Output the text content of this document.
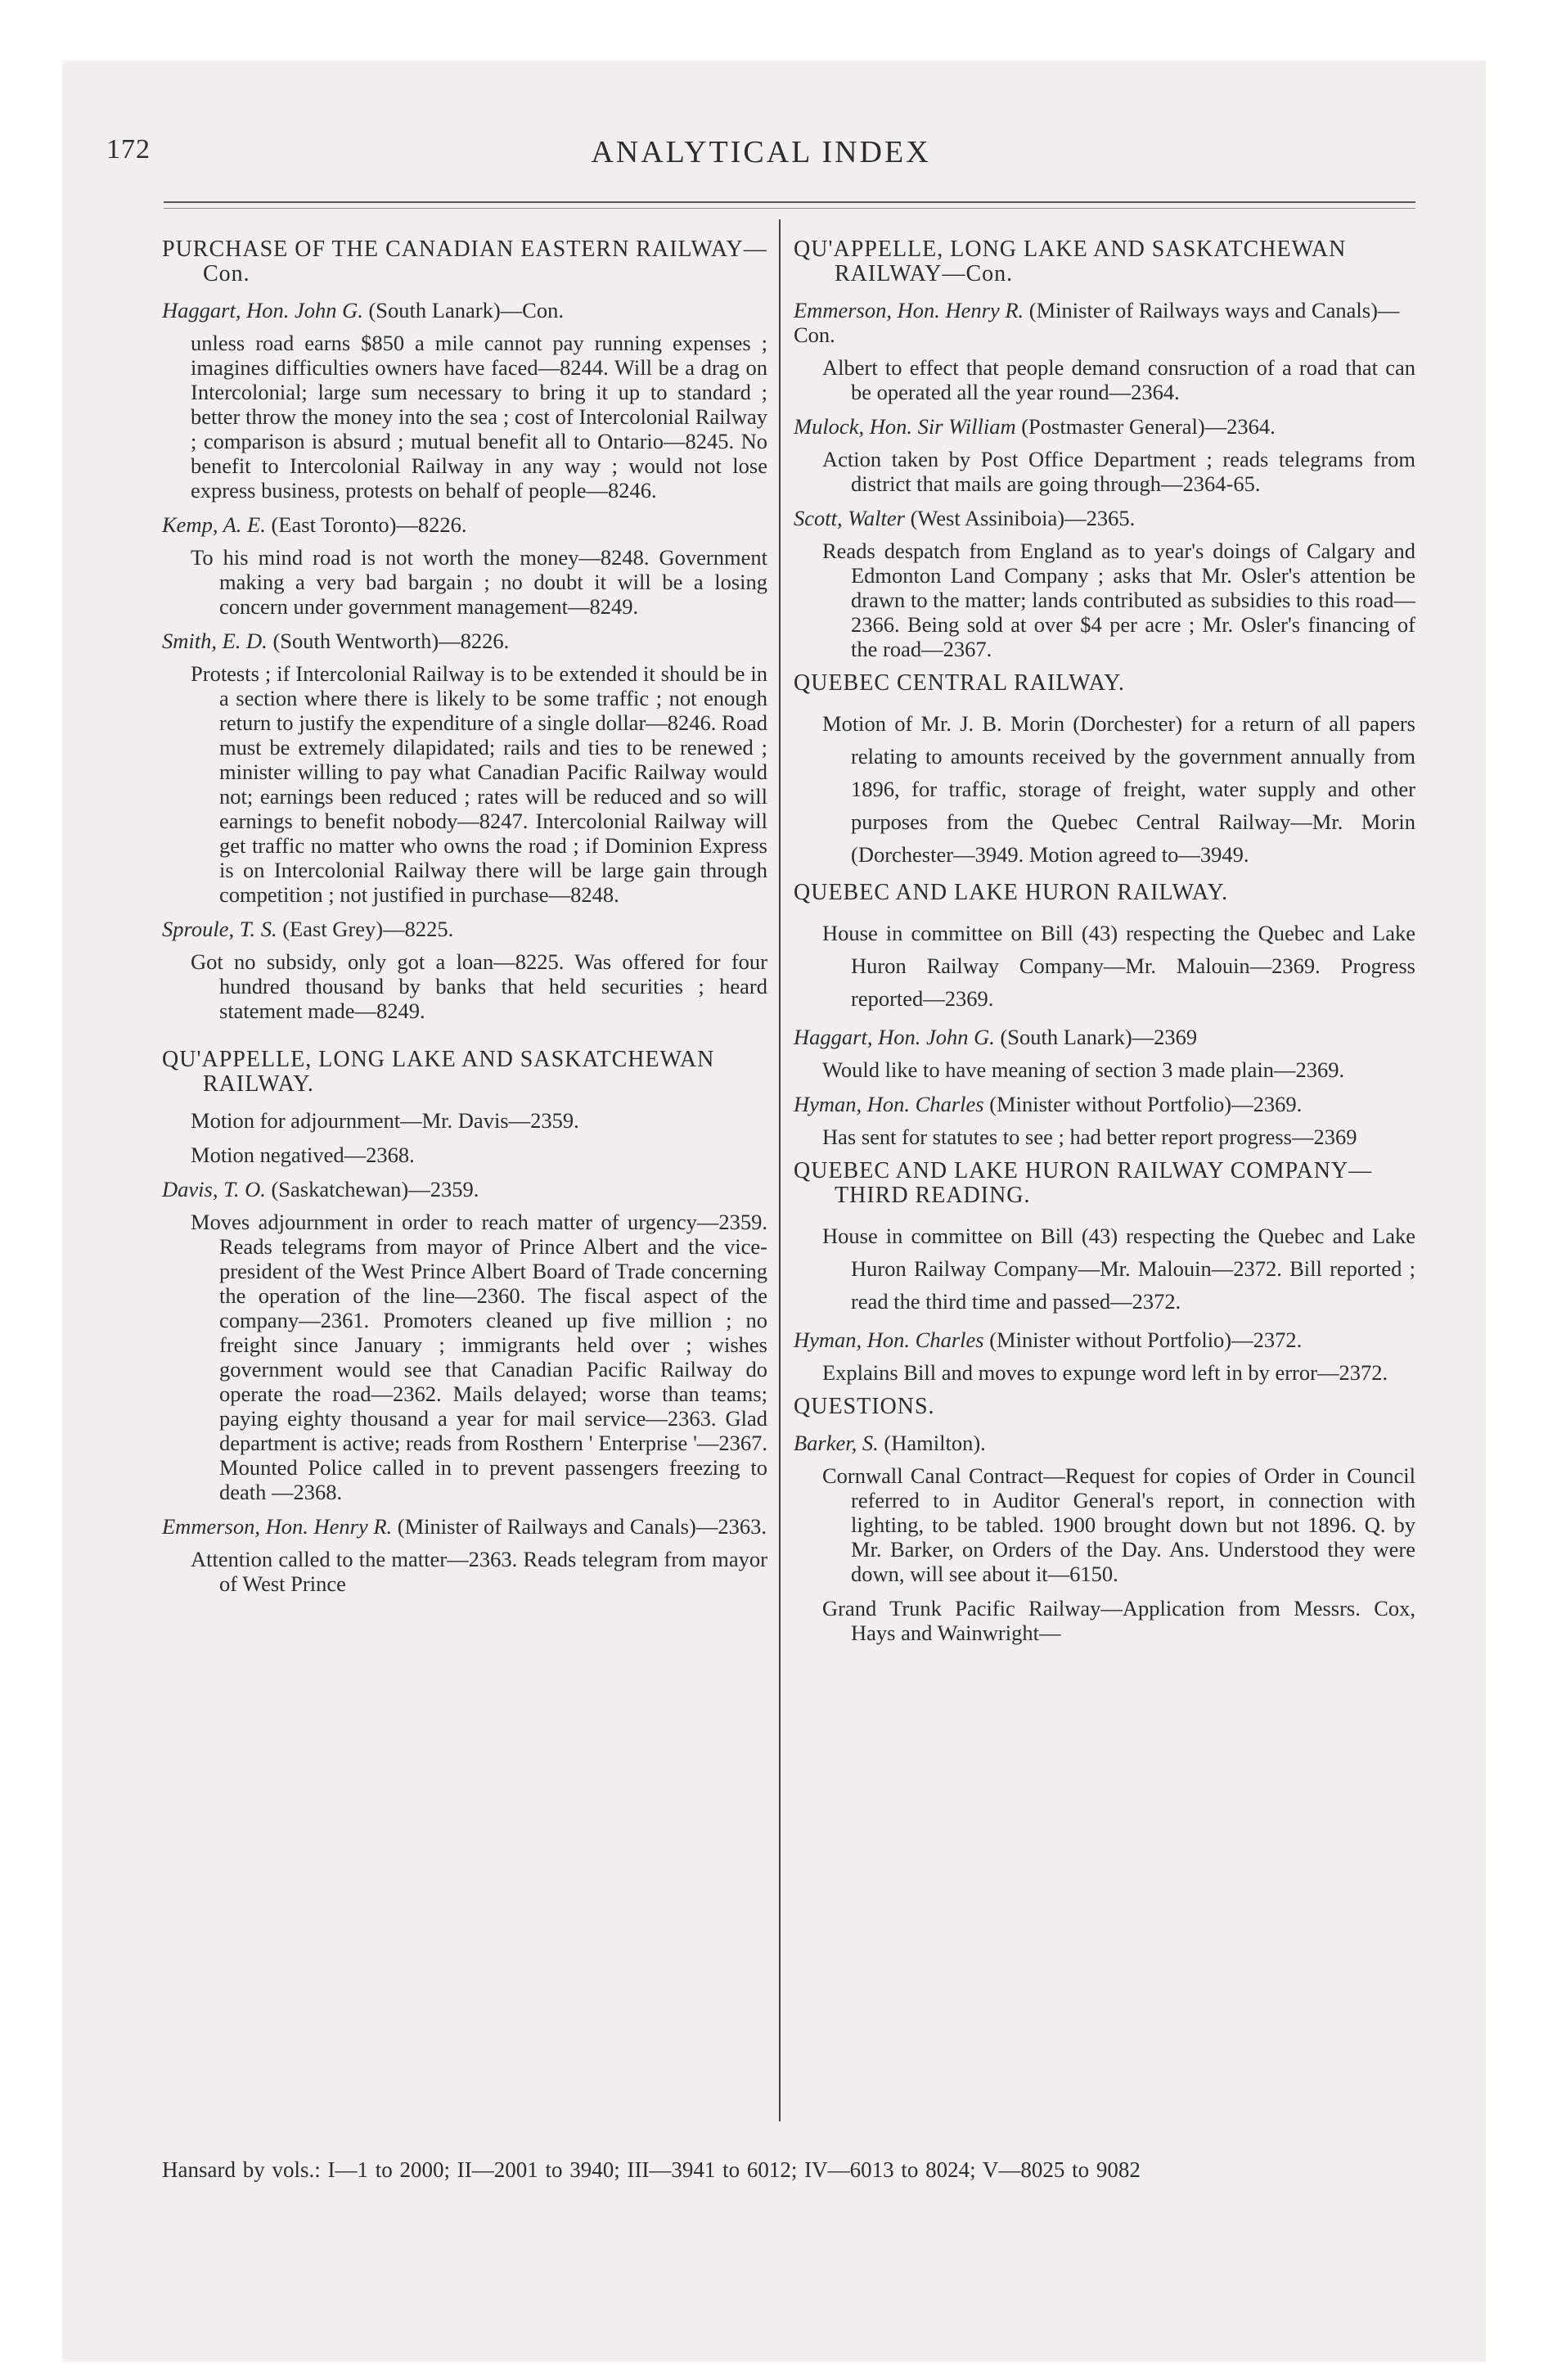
ANALYTICAL INDEX
172
PURCHASE OF THE CANADIAN EASTERN RAILWAY—Con.
Haggart, Hon. John G. (South Lanark)—Con.
unless road earns $850 a mile cannot pay running expenses ; imagines difficulties owners have faced—8244. Will be a drag on Intercolonial; large sum necessary to bring it up to standard ; better throw the money into the sea ; cost of Intercolonial Railway ; comparison is absurd ; mutual benefit all to Ontario—8245. No benefit to Intercolonial Railway in any way ; would not lose express business, protests on behalf of people—8246.
Kemp, A. E. (East Toronto)—8226.
To his mind road is not worth the money—8248. Government making a very bad bargain ; no doubt it will be a losing concern under government management—8249.
Smith, E. D. (South Wentworth)—8226.
Protests ; if Intercolonial Railway is to be extended it should be in a section where there is likely to be some traffic ; not enough return to justify the expenditure of a single dollar—8246. Road must be extremely dilapidated; rails and ties to be renewed ; minister willing to pay what Canadian Pacific Railway would not; earnings been reduced ; rates will be reduced and so will earnings to benefit nobody—8247. Intercolonial Railway will get traffic no matter who owns the road ; if Dominion Express is on Intercolonial Railway there will be large gain through competition ; not justified in purchase—8248.
Sproule, T. S. (East Grey)—8225.
Got no subsidy, only got a loan—8225. Was offered for four hundred thousand by banks that held securities ; heard statement made—8249.
QU'APPELLE, LONG LAKE AND SASKATCHEWAN RAILWAY.
Motion for adjournment—Mr. Davis—2359.
Motion negatived—2368.
Davis, T. O. (Saskatchewan)—2359.
Moves adjournment in order to reach matter of urgency—2359. Reads telegrams from mayor of Prince Albert and the vice-president of the West Prince Albert Board of Trade concerning the operation of the line—2360. The fiscal aspect of the company—2361. Promoters cleaned up five million ; no freight since January ; immigrants held over ; wishes government would see that Canadian Pacific Railway do operate the road—2362. Mails delayed; worse than teams; paying eighty thousand a year for mail service—2363. Glad department is active; reads from Rosthern ' Enterprise '—2367. Mounted Police called in to prevent passengers freezing to death —2368.
Emmerson, Hon. Henry R. (Minister of Railways and Canals)—2363.
Attention called to the matter—2363. Reads telegram from mayor of West Prince
QU'APPELLE, LONG LAKE AND SASKATCHEWAN RAILWAY—Con.
Emmerson, Hon. Henry R. (Minister of Railways ways and Canals)—Con.
Albert to effect that people demand consruction of a road that can be operated all the year round—2364.
Mulock, Hon. Sir William (Postmaster General)—2364.
Action taken by Post Office Department ; reads telegrams from district that mails are going through—2364-65.
Scott, Walter (West Assiniboia)—2365.
Reads despatch from England as to year's doings of Calgary and Edmonton Land Company ; asks that Mr. Osler's attention be drawn to the matter; lands contributed as subsidies to this road—2366. Being sold at over $4 per acre ; Mr. Osler's financing of the road—2367.
QUEBEC CENTRAL RAILWAY.
Motion of Mr. J. B. Morin (Dorchester) for a return of all papers relating to amounts received by the government annually from 1896, for traffic, storage of freight, water supply and other purposes from the Quebec Central Railway—Mr. Morin (Dorchester—3949. Motion agreed to—3949.
QUEBEC AND LAKE HURON RAILWAY.
House in committee on Bill (43) respecting the Quebec and Lake Huron Railway Company—Mr. Malouin—2369. Progress reported—2369.
Haggart, Hon. John G. (South Lanark)—2369
Would like to have meaning of section 3 made plain—2369.
Hyman, Hon. Charles (Minister without Portfolio)—2369.
Has sent for statutes to see ; had better report progress—2369
QUEBEC AND LAKE HURON RAILWAY COMPANY—THIRD READING.
House in committee on Bill (43) respecting the Quebec and Lake Huron Railway Company—Mr. Malouin—2372. Bill reported ; read the third time and passed—2372.
Hyman, Hon. Charles (Minister without Portfolio)—2372.
Explains Bill and moves to expunge word left in by error—2372.
QUESTIONS.
Barker, S. (Hamilton).
Cornwall Canal Contract—Request for copies of Order in Council referred to in Auditor General's report, in connection with lighting, to be tabled. 1900 brought down but not 1896. Q. by Mr. Barker, on Orders of the Day. Ans. Understood they were down, will see about it—6150.
Grand Trunk Pacific Railway—Application from Messrs. Cox, Hays and Wainwright—
Hansard by vols.: I—1 to 2000; II—2001 to 3940; III—3941 to 6012; IV—6013 to 8024; V—8025 to 9082
